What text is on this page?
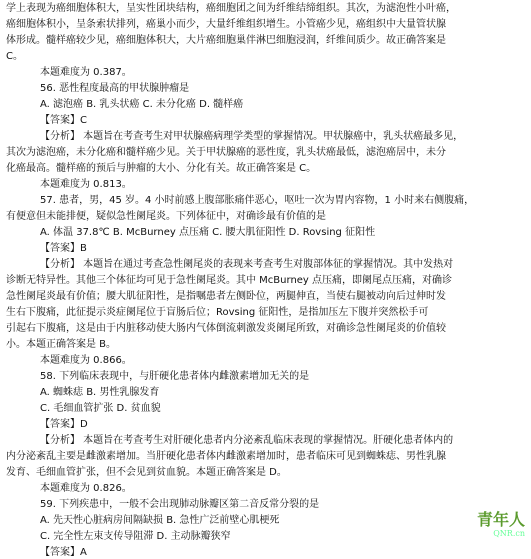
学上表现为癌细胞体积大，呈实性团块结构，癌细胞团之间为纤维结缔组织。其次，为滤泡性小叶癌，
癌细胞体积小，呈条索状排列，癌巢小而少，大量纤维组织增生。小管癌少见，癌组织中大量管状腺
体形成。髓样癌较少见，癌细胞体积大，大片癌细胞巢伴淋巴细胞浸润，纤维间质少。故正确答案是
C。
本题难度为 0.387。
56. 恶性程度最高的甲状腺肿瘤是
A. 滤泡癌 B. 乳头状癌 C. 未分化癌 D. 髓样癌
【答案】C
【分析】 本题旨在考查考生对甲状腺癌病理学类型的掌握情况。甲状腺癌中，乳头状癌最多见，
其次为滤泡癌，未分化癌和髓样癌少见。关于甲状腺癌的恶性度，乳头状癌最低，滤泡癌居中，未分
化癌最高。髓样癌的预后与肿瘤的大小、分化有关。故正确答案是 C。
本题难度为 0.813。
57. 患者，男，45 岁。4 小时前感上腹部胀痛伴恶心，呕吐一次为胃内容物，1 小时来右侧腹痛，
有便意但未能排便，疑似急性阑尾炎。下列体征中，对确诊最有价值的是
A. 体温 37.8℃ B. McBurney 点压痛 C. 腰大肌征阳性 D. Rovsing 征阳性
【答案】B
【分析】 本题旨在通过考查急性阑尾炎的表现来考查考生对腹部体征的掌握情况。其中发热对
诊断无特异性。其他三个体征均可见于急性阑尾炎。其中 McBurney 点压痛，即阑尾点压痛，对确诊
急性阑尾炎最有价值；腰大肌征阳性，是指嘱患者左侧卧位，两腿伸直，当使右腿被动向后过伸时发
生右下腹痛，此征提示炎症阑尾位于盲肠后位；Rovsing 征阳性，是指加压左下腹并突然松手可
引起右下腹痛，这是由于内脏移动使大肠内气体倒流刺激发炎阑尾所致，对确诊急性阑尾炎的价值较
小。本题正确答案是 B。
本题难度为 0.866。
58. 下列临床表现中，与肝硬化患者体内雌激素增加无关的是
A. 蜘蛛痣 B. 男性乳腺发育
C. 毛细血管扩张 D. 贫血貌
【答案】D
【分析】 本题旨在考查考生对肝硬化患者内分泌紊乱临床表现的掌握情况。肝硬化患者体内的
内分泌紊乱主要是雌激素增加。当肝硬化患者体内雌激素增加时，患者临床可见到蜘蛛痣、男性乳腺
发育、毛细血管扩张，但不会见到贫血貌。本题正确答案是 D。
本题难度为 0.826。
59. 下列疾患中，一般不会出现肺动脉瓣区第二音反常分裂的是
A. 先天性心脏病房间隔缺损 B. 急性广泛前壁心肌梗死
C. 完全性左束支传导阻滞 D. 主动脉瓣狭窄
【答案】A
青年人
QNR.cn
